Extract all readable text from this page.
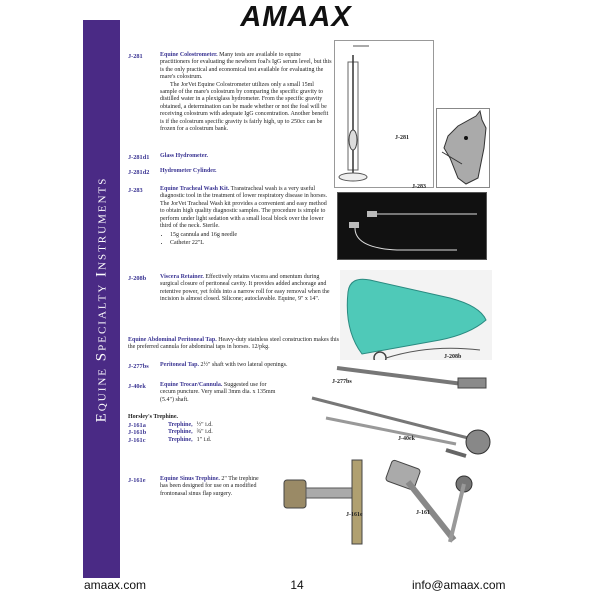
AMAAX
Equine Specialty Instruments
J-281	Equine Colostrometer. Many tests are available to equine practitioners for evaluating the newborn foal's IgG serum level, but this is the only practical and economical test available for evaluating the mare's colostrum.

The JorVet Equine Colostrometer utilizes only a small 15ml sample of the mare's colostrum by comparing the specific gravity to distilled water in a plexiglass hydrometer. From the specific gravity obtained, a determination can be made whether or not the foal will be receiving colostrum with adequate IgG concentration. Another benefit is if the colostrum specific gravity is fairly high, up to 250cc can be frozen for a colostrum bank.

J-281d1 Glass Hydrometer.
J-281d2 Hydrometer Cylinder.
J-283	Equine Tracheal Wash Kit. Transtracheal wash is a very useful diagnostic tool in the treatment of lower respiratory disease in horses. The JorVet Tracheal Wash kit provides a convenient and easy method to obtain high quality diagnostic samples. The procedure is simple to perform under light sedation with a small local block over the lower third of the neck. Sterile.

• 15g cannula and 16g needle
• Catheter 22"L
J-208b Viscera Retainer. Effectively retains viscera and omentum during surgical closure of peritoneal cavity. It provides added anchorage and retentive power, yet folds into a narrow roll for easy removal when the incision is almost closed. Silicone; autoclavable. Equine, 9" x 14".

Equine Abdominal Peritoneal Tap. Heavy-duty stainless steel construction makes this the preferred cannula for abdominal taps in horses. 12/pkg.

J-277bs Peritoneal Tap. 2½" shaft with two lateral openings.
J-40ek Equine Trocar/Cannula. Suggested use for cecum puncture. Very small 3mm dia. x 135mm (5.4") shaft.

Horsley's Trephine.
J-161a	Trephine, ½" i.d.
J-161b	Trephine, ¾" i.d.
J-161c	Trephine, 1" i.d.
J-161e Equine Sinus Trephine. 2" The trephine has been designed for use on a modified frontonasal sinus flap surgery.

J-281
J-283
J-208b
J-277bs
J-40ek
J-161e	J-161
amaax.com	14	info@amaax.com
